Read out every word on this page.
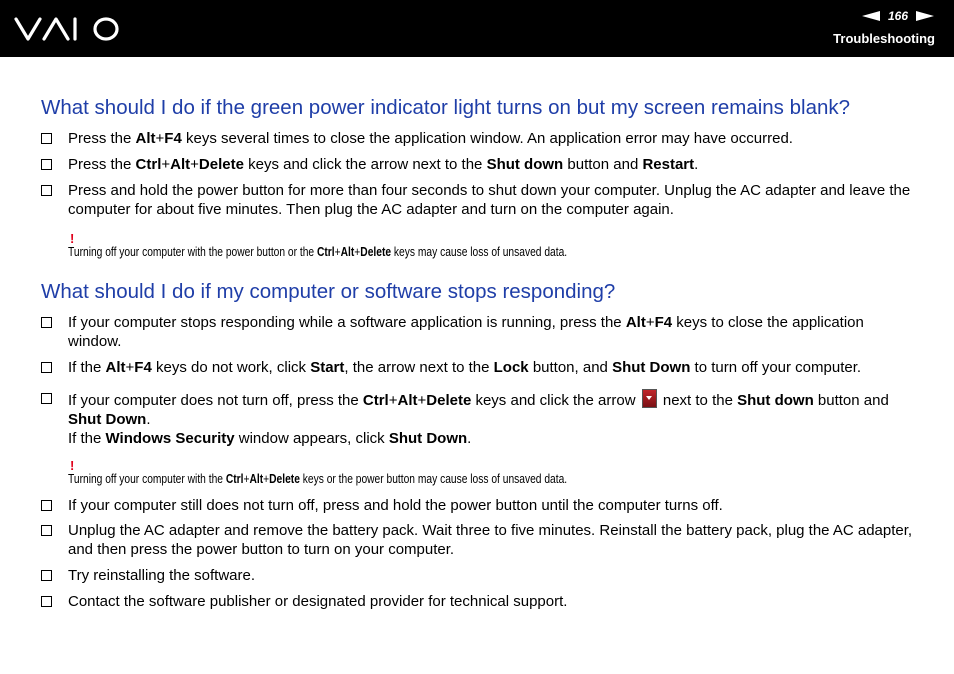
166
Troubleshooting
What should I do if the green power indicator light turns on but my screen remains blank?
Press the Alt+F4 keys several times to close the application window. An application error may have occurred.
Press the Ctrl+Alt+Delete keys and click the arrow next to the Shut down button and Restart.
Press and hold the power button for more than four seconds to shut down your computer. Unplug the AC adapter and leave the computer for about five minutes. Then plug the AC adapter and turn on the computer again.
!
Turning off your computer with the power button or the Ctrl+Alt+Delete keys may cause loss of unsaved data.
What should I do if my computer or software stops responding?
If your computer stops responding while a software application is running, press the Alt+F4 keys to close the application window.
If the Alt+F4 keys do not work, click Start, the arrow next to the Lock button, and Shut Down to turn off your computer.
If your computer does not turn off, press the Ctrl+Alt+Delete keys and click the arrow  next to the Shut down button and Shut Down.
If the Windows Security window appears, click Shut Down.
!
Turning off your computer with the Ctrl+Alt+Delete keys or the power button may cause loss of unsaved data.
If your computer still does not turn off, press and hold the power button until the computer turns off.
Unplug the AC adapter and remove the battery pack. Wait three to five minutes. Reinstall the battery pack, plug the AC adapter, and then press the power button to turn on your computer.
Try reinstalling the software.
Contact the software publisher or designated provider for technical support.
